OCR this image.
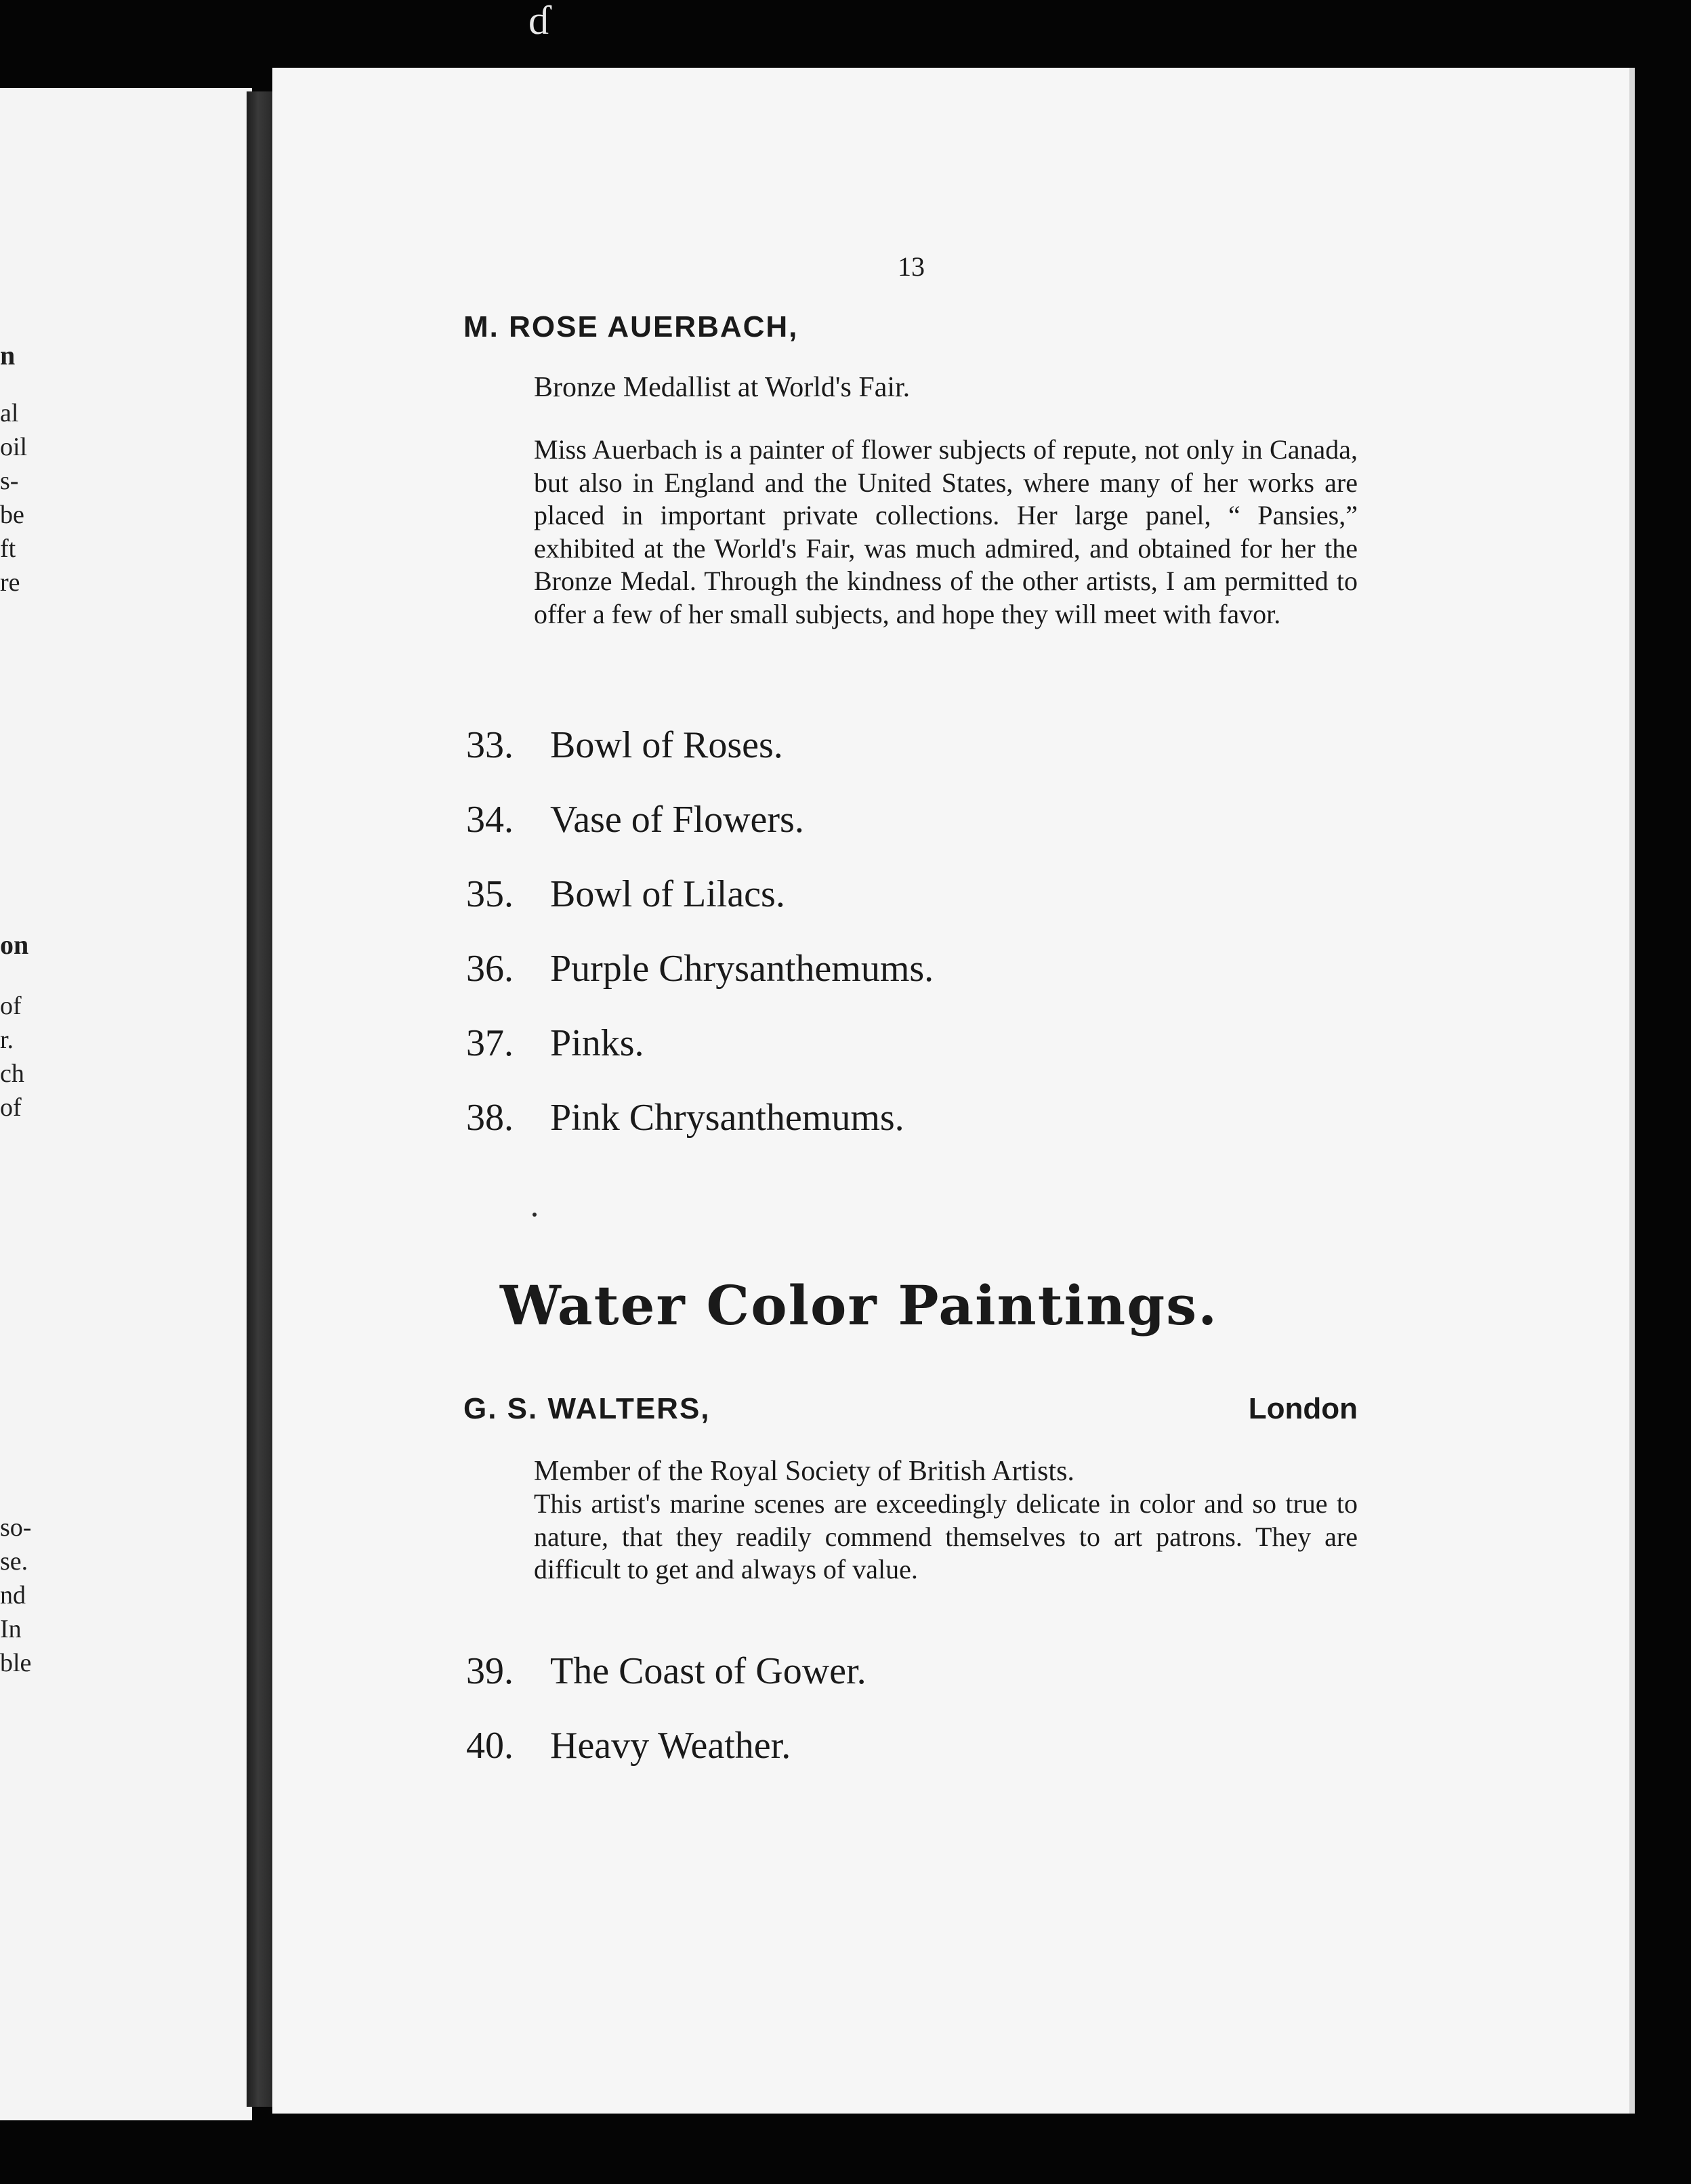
n
al
oil
s-
be
ft
re
on
of
r.
ch
of
so-
se.
nd
In
ble
ɗ
13
M. ROSE AUERBACH,
Bronze Medallist at World's Fair.
Miss Auerbach is a painter of flower subjects of repute, not only in Canada, but also in England and the United States, where many of her works are placed in important private collections. Her large panel, “ Pansies,” exhibited at the World's Fair, was much admired, and obtained for her the Bronze Medal. Through the kindness of the other artists, I am permitted to offer a few of her small subjects, and hope they will meet with favor.
33. Bowl of Roses.
34. Vase of Flowers.
35. Bowl of Lilacs.
36. Purple Chrysanthemums.
37. Pinks.
38. Pink Chrysanthemums.
Water Color Paintings.
G. S. WALTERS,	London
Member of the Royal Society of British Artists.
This artist's marine scenes are exceedingly delicate in color and so true to nature, that they readily commend themselves to art patrons. They are difficult to get and always of value.
39. The Coast of Gower.
40. Heavy Weather.
